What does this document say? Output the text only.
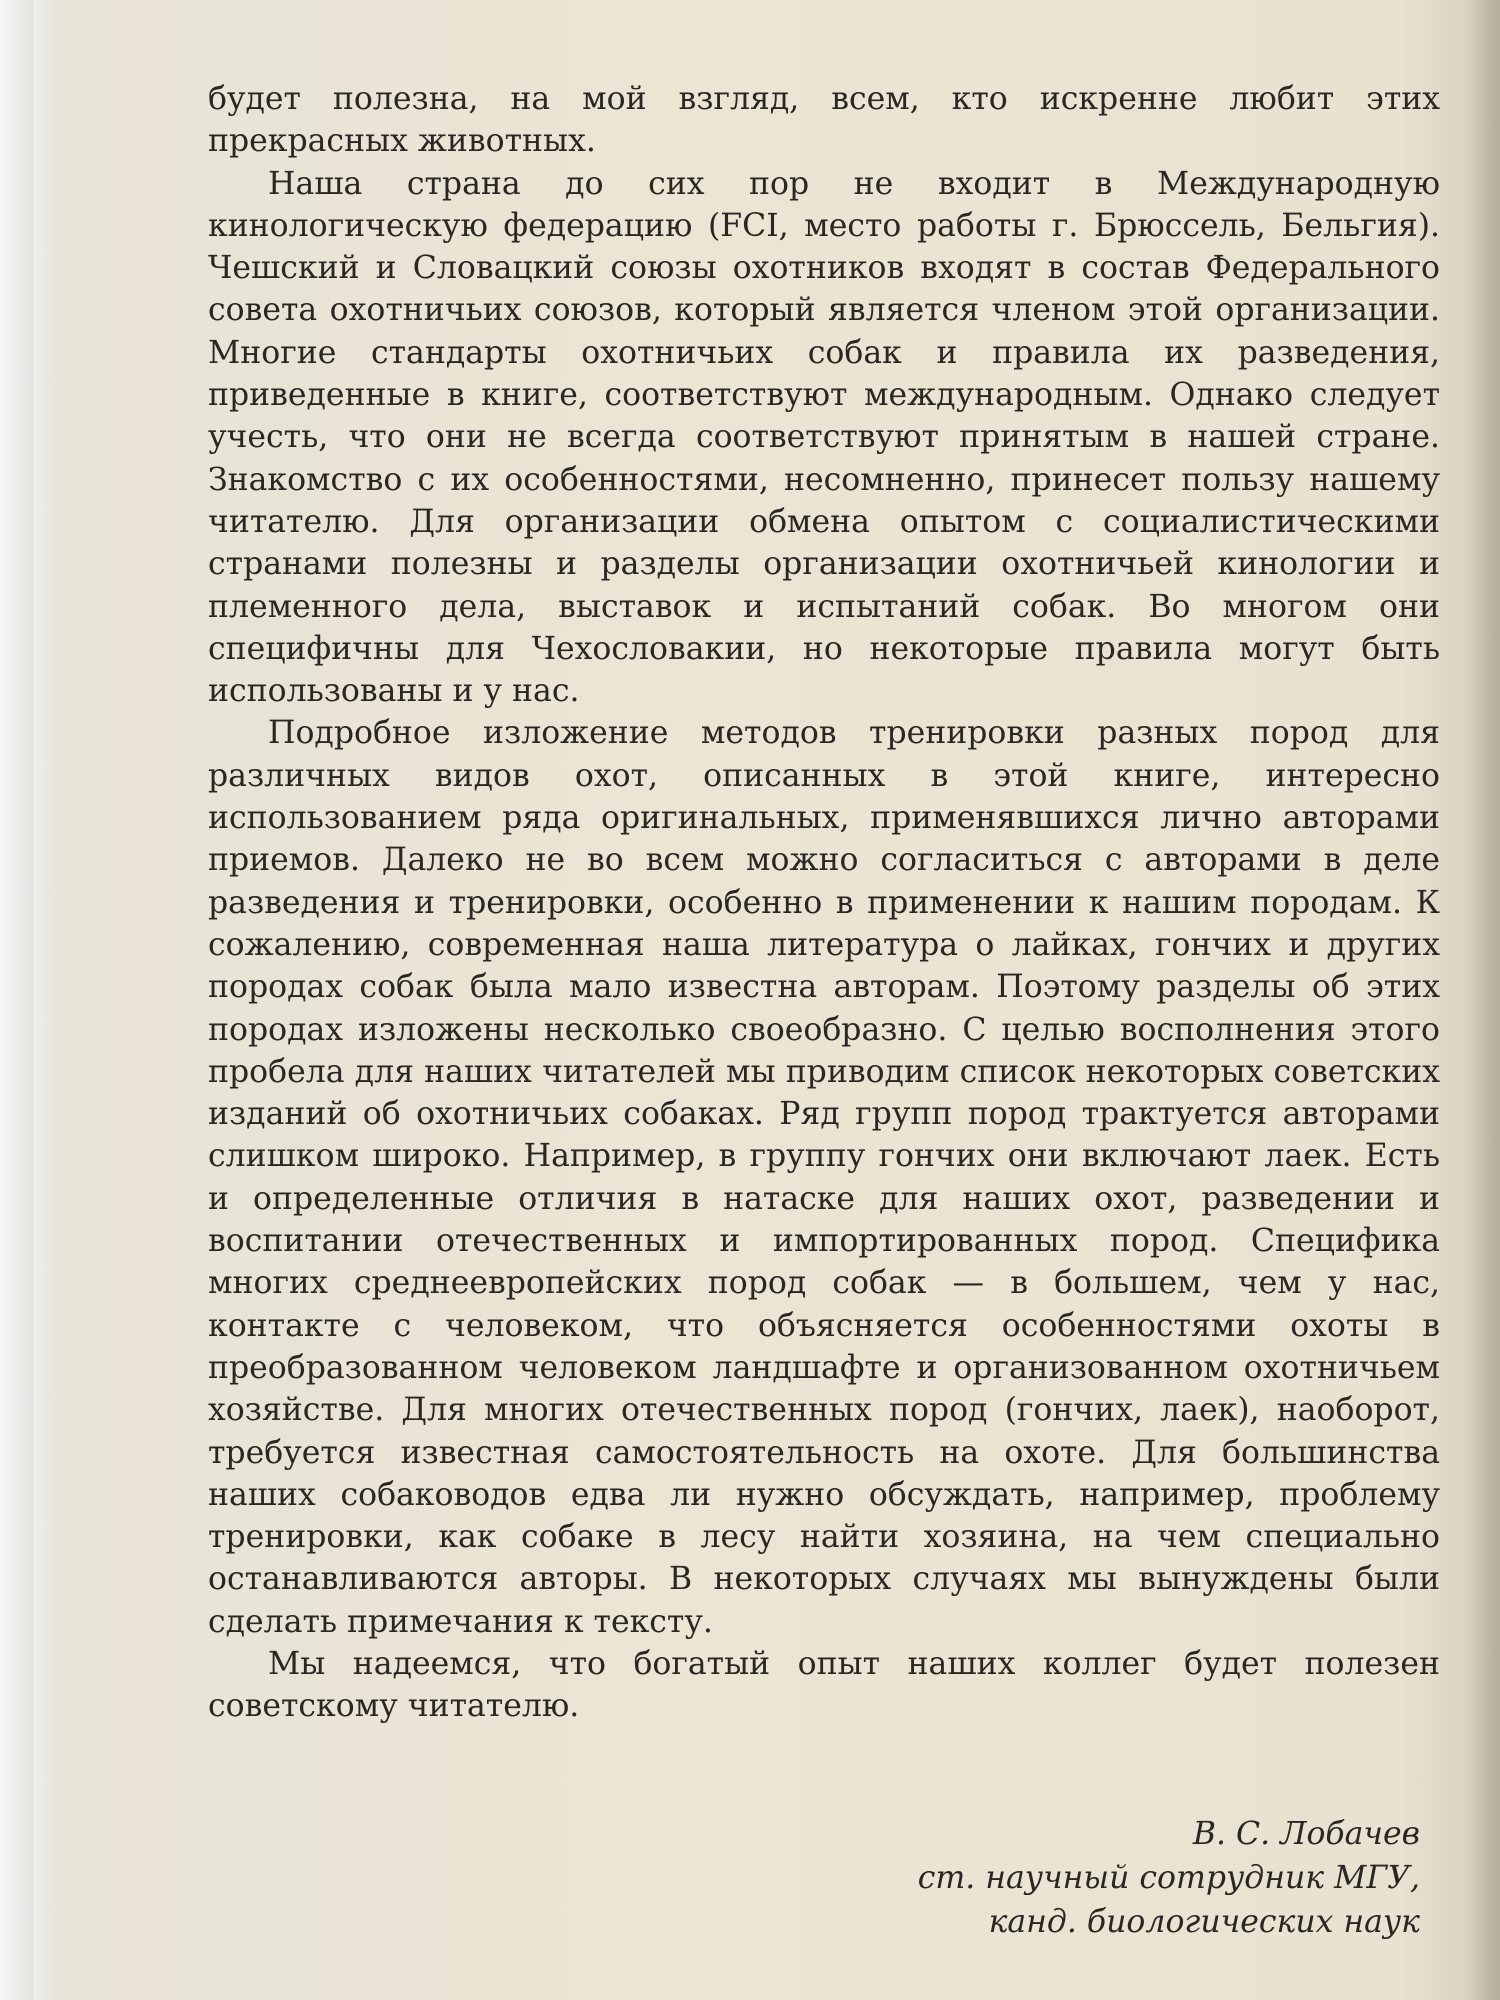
будет полезна, на мой взгляд, всем, кто искренне любит этих прекрасных животных.

Наша страна до сих пор не входит в Международную кинологическую федерацию (FCI, место работы г. Брюссель, Бельгия). Чешский и Словацкий союзы охотников входят в состав Федерального совета охотничьих союзов, который является членом этой организации. Многие стандарты охотничьих собак и правила их разведения, приведенные в книге, соответствуют международным. Однако следует учесть, что они не всегда соответствуют принятым в нашей стране. Знакомство с их особенностями, несомненно, принесет пользу нашему читателю. Для организации обмена опытом с социалистическими странами полезны и разделы организации охотничьей кинологии и племенного дела, выставок и испытаний собак. Во многом они специфичны для Чехословакии, но некоторые правила могут быть использованы и у нас.

Подробное изложение методов тренировки разных пород для различных видов охот, описанных в этой книге, интересно использованием ряда оригинальных, применявшихся лично авторами приемов. Далеко не во всем можно согласиться с авторами в деле разведения и тренировки, особенно в применении к нашим породам. К сожалению, современная наша литература о лайках, гончих и других породах собак была мало известна авторам. Поэтому разделы об этих породах изложены несколько своеобразно. С целью восполнения этого пробела для наших читателей мы приводим список некоторых советских изданий об охотничьих собаках. Ряд групп пород трактуется авторами слишком широко. Например, в группу гончих они включают лаек. Есть и определенные отличия в натаске для наших охот, разведении и воспитании отечественных и импортированных пород. Специфика многих среднеевропейских пород собак — в большем, чем у нас, контакте с человеком, что объясняется особенностями охоты в преобразованном человеком ландшафте и организованном охотничьем хозяйстве. Для многих отечественных пород (гончих, лаек), наоборот, требуется известная самостоятельность на охоте. Для большинства наших собаководов едва ли нужно обсуждать, например, проблему тренировки, как собаке в лесу найти хозяина, на чем специально останавливаются авторы. В некоторых случаях мы вынуждены были сделать примечания к тексту.

Мы надеемся, что богатый опыт наших коллег будет полезен советскому читателю.

В. С. Лобачев
ст. научный сотрудник МГУ,
канд. биологических наук
